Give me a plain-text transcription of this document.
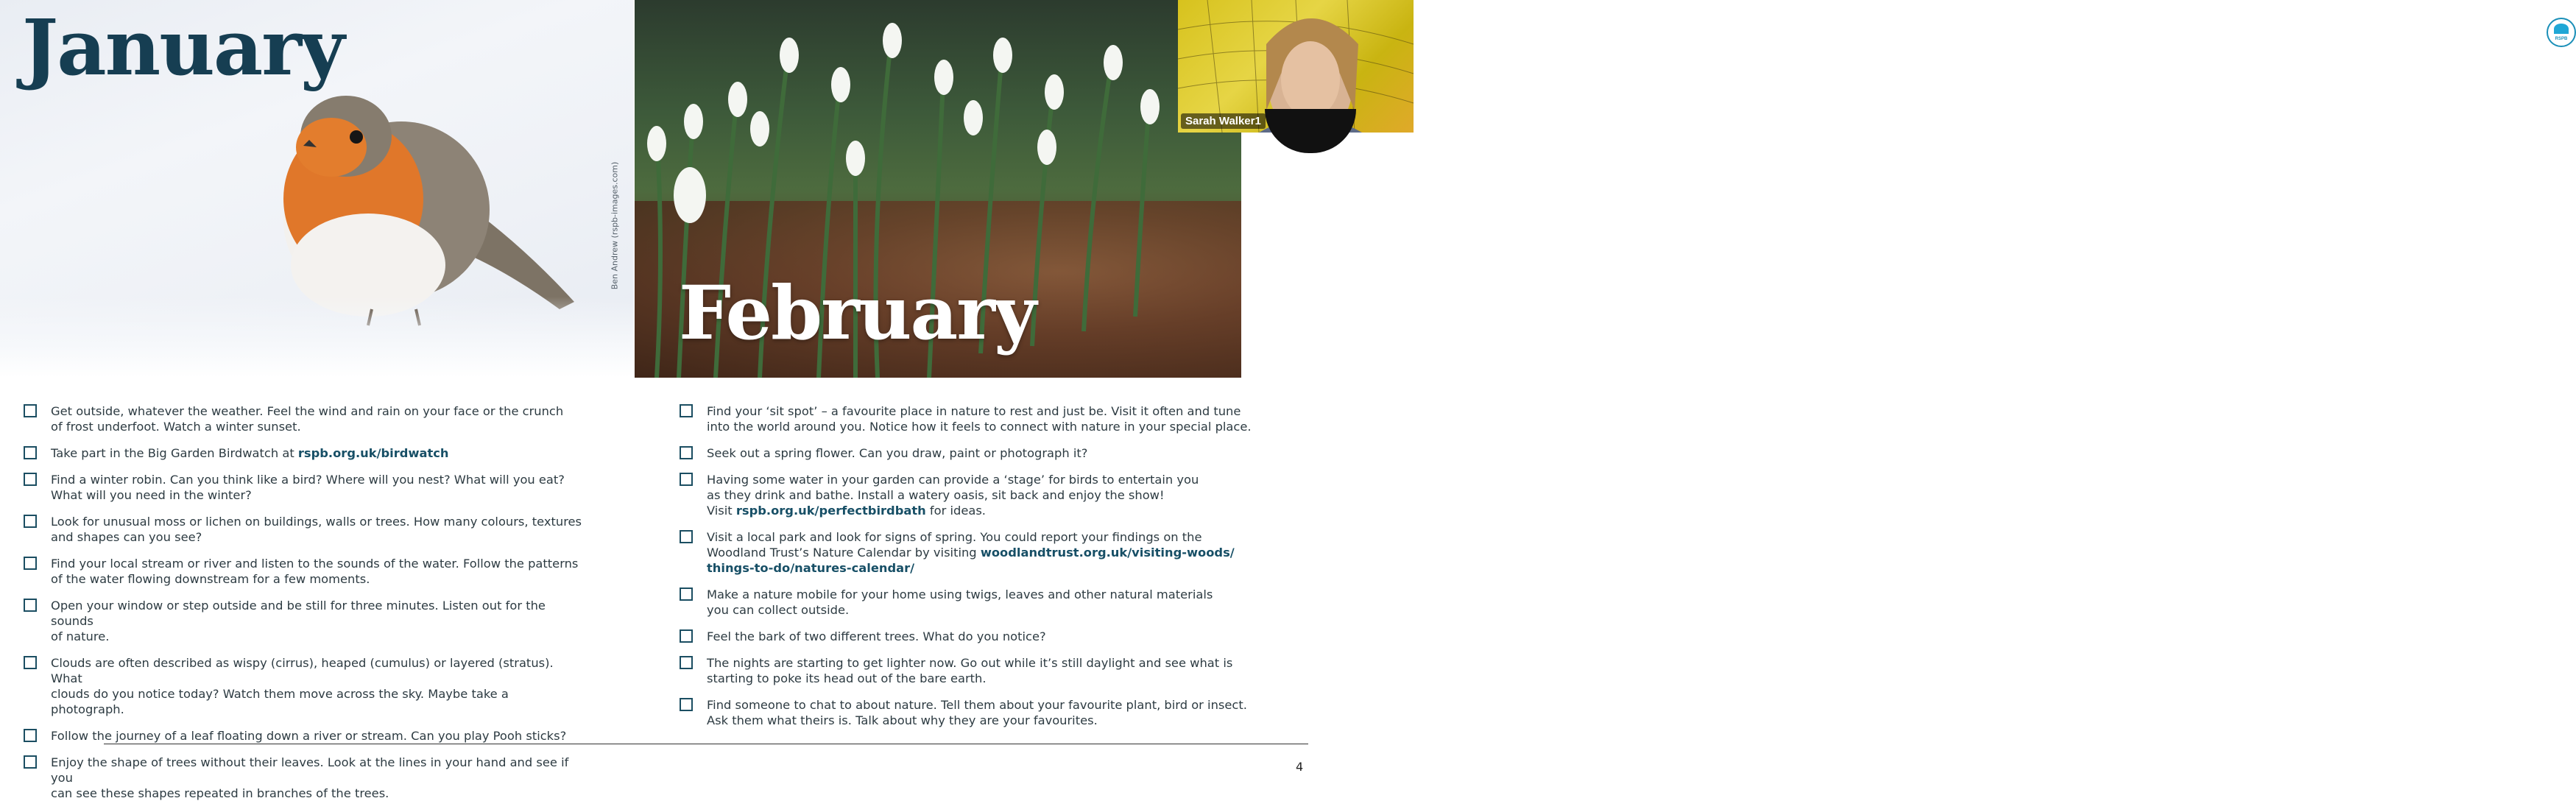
January
Ben Andrew (rspb-images.com)
February
RSPB
Sarah Walker1
Get outside, whatever the weather. Feel the wind and rain on your face or the crunch
of frost underfoot. Watch a winter sunset.
Take part in the Big Garden Birdwatch at rspb.org.uk/birdwatch
Find a winter robin. Can you think like a bird? Where will you nest? What will you eat?
What will you need in the winter?
Look for unusual moss or lichen on buildings, walls or trees. How many colours, textures
and shapes can you see?
Find your local stream or river and listen to the sounds of the water. Follow the patterns
of the water flowing downstream for a few moments.
Open your window or step outside and be still for three minutes. Listen out for the sounds
of nature.
Clouds are often described as wispy (cirrus), heaped (cumulus) or layered (stratus). What
clouds do you notice today? Watch them move across the sky. Maybe take a photograph.
Follow the journey of a leaf floating down a river or stream. Can you play Pooh sticks?
Enjoy the shape of trees without their leaves. Look at the lines in your hand and see if you
can see these shapes repeated in branches of the trees.
Find your ‘sit spot’ – a favourite place in nature to rest and just be. Visit it often and tune
into the world around you. Notice how it feels to connect with nature in your special place.
Seek out a spring flower. Can you draw, paint or photograph it?
Having some water in your garden can provide a ‘stage’ for birds to entertain you
as they drink and bathe. Install a watery oasis, sit back and enjoy the show!
Visit rspb.org.uk/perfectbirdbath for ideas.
Visit a local park and look for signs of spring. You could report your findings on the
Woodland Trust’s Nature Calendar by visiting woodlandtrust.org.uk/visiting-woods/
things-to-do/natures-calendar/
Make a nature mobile for your home using twigs, leaves and other natural materials
you can collect outside.
Feel the bark of two different trees. What do you notice?
The nights are starting to get lighter now. Go out while it’s still daylight and see what is
starting to poke its head out of the bare earth.
Find someone to chat to about nature. Tell them about your favourite plant, bird or insect.
Ask them what theirs is. Talk about why they are your favourites.
4
